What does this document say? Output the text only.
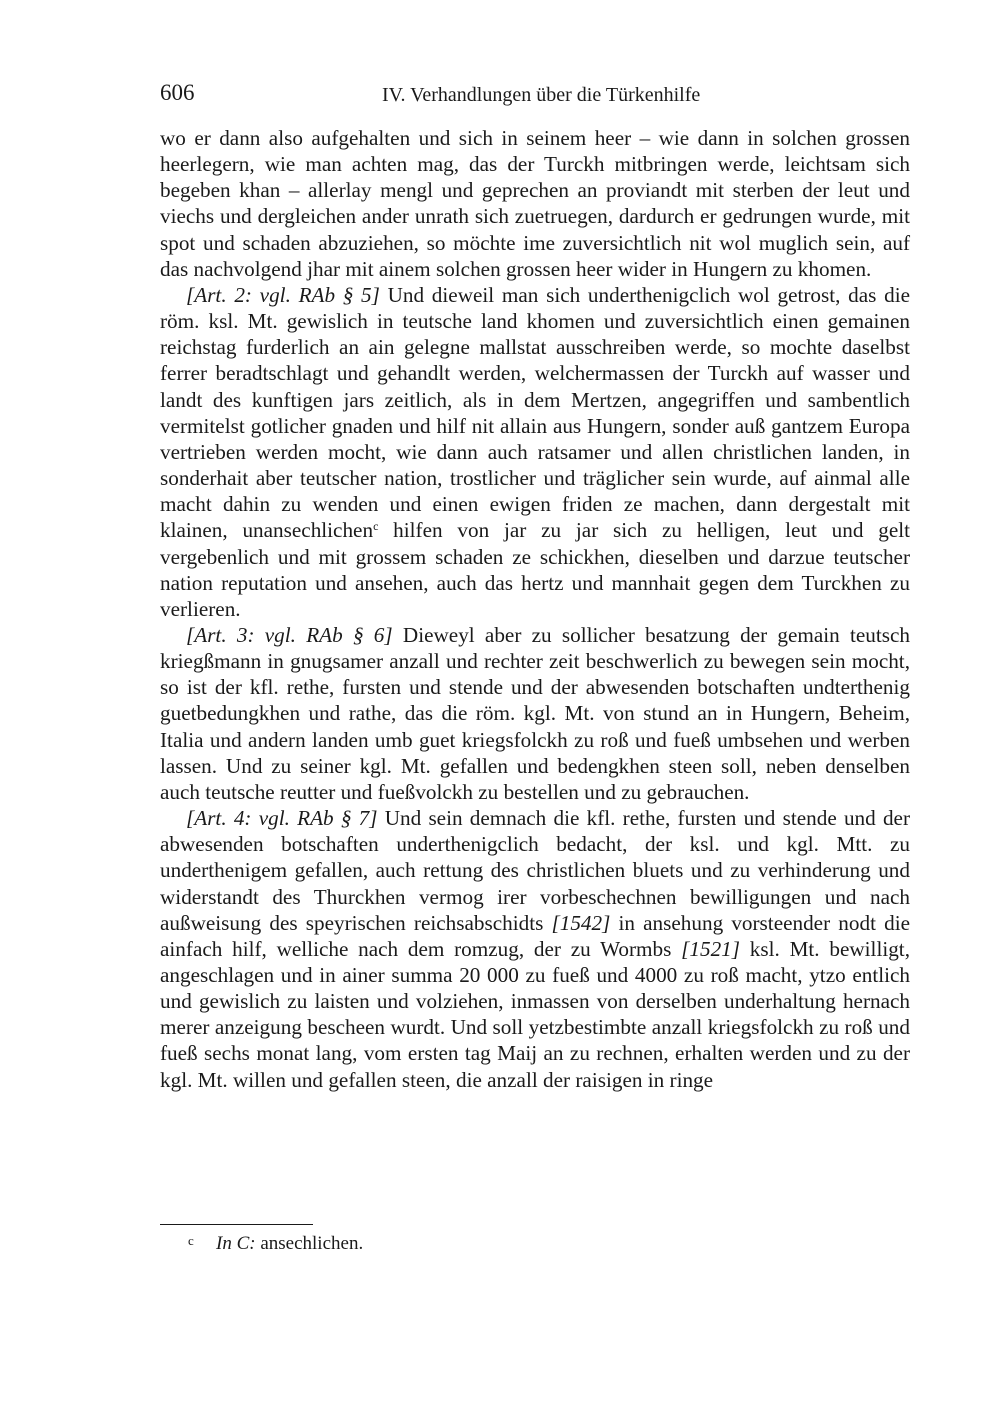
606	IV. Verhandlungen über die Türkenhilfe

wo er dann also aufgehalten und sich in seinem heer – wie dann in solchen grossen heerlegern, wie man achten mag, das der Turckh mitbringen werde, leichtsam sich begeben khan – allerlay mengl und geprechen an proviandt mit sterben der leut und viechs und dergleichen ander unrath sich zuetruegen, dardurch er gedrungen wurde, mit spot und schaden abzuziehen, so möchte ime zuversichtlich nit wol muglich sein, auf das nachvolgend jhar mit ainem solchen grossen heer wider in Hungern zu khomen.

[Art. 2: vgl. RAb § 5] Und dieweil man sich underthenigclich wol getrost, das die röm. ksl. Mt. gewislich in teutsche land khomen und zuversichtlich einen gemainen reichstag furderlich an ain gelegne mallstat ausschreiben werde, so mochte daselbst ferrer beradtschlagt und gehandlt werden, welchermassen der Turckh auf wasser und landt des kunftigen jars zeitlich, als in dem Mertzen, angegriffen und sambentlich vermitelst gotlicher gnaden und hilf nit allain aus Hungern, sonder auß gantzem Europa vertrieben werden mocht, wie dann auch ratsamer und allen christlichen landen, in sonderhait aber teutscher nation, trostlicher und träglicher sein wurde, auf ainmal alle macht dahin zu wenden und einen ewigen friden ze machen, dann dergestalt mit klainen, unansechlichen$^c$ hilfen von jar zu jar sich zu helligen, leut und gelt vergebenlich und mit grossem schaden ze schickhen, dieselben und darzue teutscher nation reputation und ansehen, auch das hertz und mannhait gegen dem Turckhen zu verlieren.

[Art. 3: vgl. RAb § 6] Dieweyl aber zu sollicher besatzung der gemain teutsch kriegßmann in gnugsamer anzall und rechter zeit beschwerlich zu bewegen sein mocht, so ist der kfl. rethe, fursten und stende und der abwesenden botschaften undterthenig guetbedungkhen und rathe, das die röm. kgl. Mt. von stund an in Hungern, Beheim, Italia und andern landen umb guet kriegsfolckh zu roß und fueß umbsehen und werben lassen. Und zu seiner kgl. Mt. gefallen und bedengkhen steen soll, neben denselben auch teutsche reutter und fueßvolckh zu bestellen und zu gebrauchen.

[Art. 4: vgl. RAb § 7] Und sein demnach die kfl. rethe, fursten und stende und der abwesenden botschaften underthenigclich bedacht, der ksl. und kgl. Mtt. zu underthenigem gefallen, auch rettung des christlichen bluets und zu verhinderung und widerstandt des Thurckhen vermog irer vorbeschechnen bewilligungen und nach außweisung des speyrischen reichsabschidts [1542] in ansehung vorsteender nodt die ainfach hilf, welliche nach dem romzug, der zu Wormbs [1521] ksl. Mt. bewilligt, angeschlagen und in ainer summa 20 000 zu fueß und 4000 zu roß macht, ytzo entlich und gewislich zu laisten und volziehen, inmassen von derselben underhaltung hernach merer anzeigung bescheen wurdt. Und soll yetzbestimbte anzall kriegsfolckh zu roß und fueß sechs monat lang, vom ersten tag Maij an zu rechnen, erhalten werden und zu der kgl. Mt. willen und gefallen steen, die anzall der raisigen in ringe

c In C: ansechlichen.
